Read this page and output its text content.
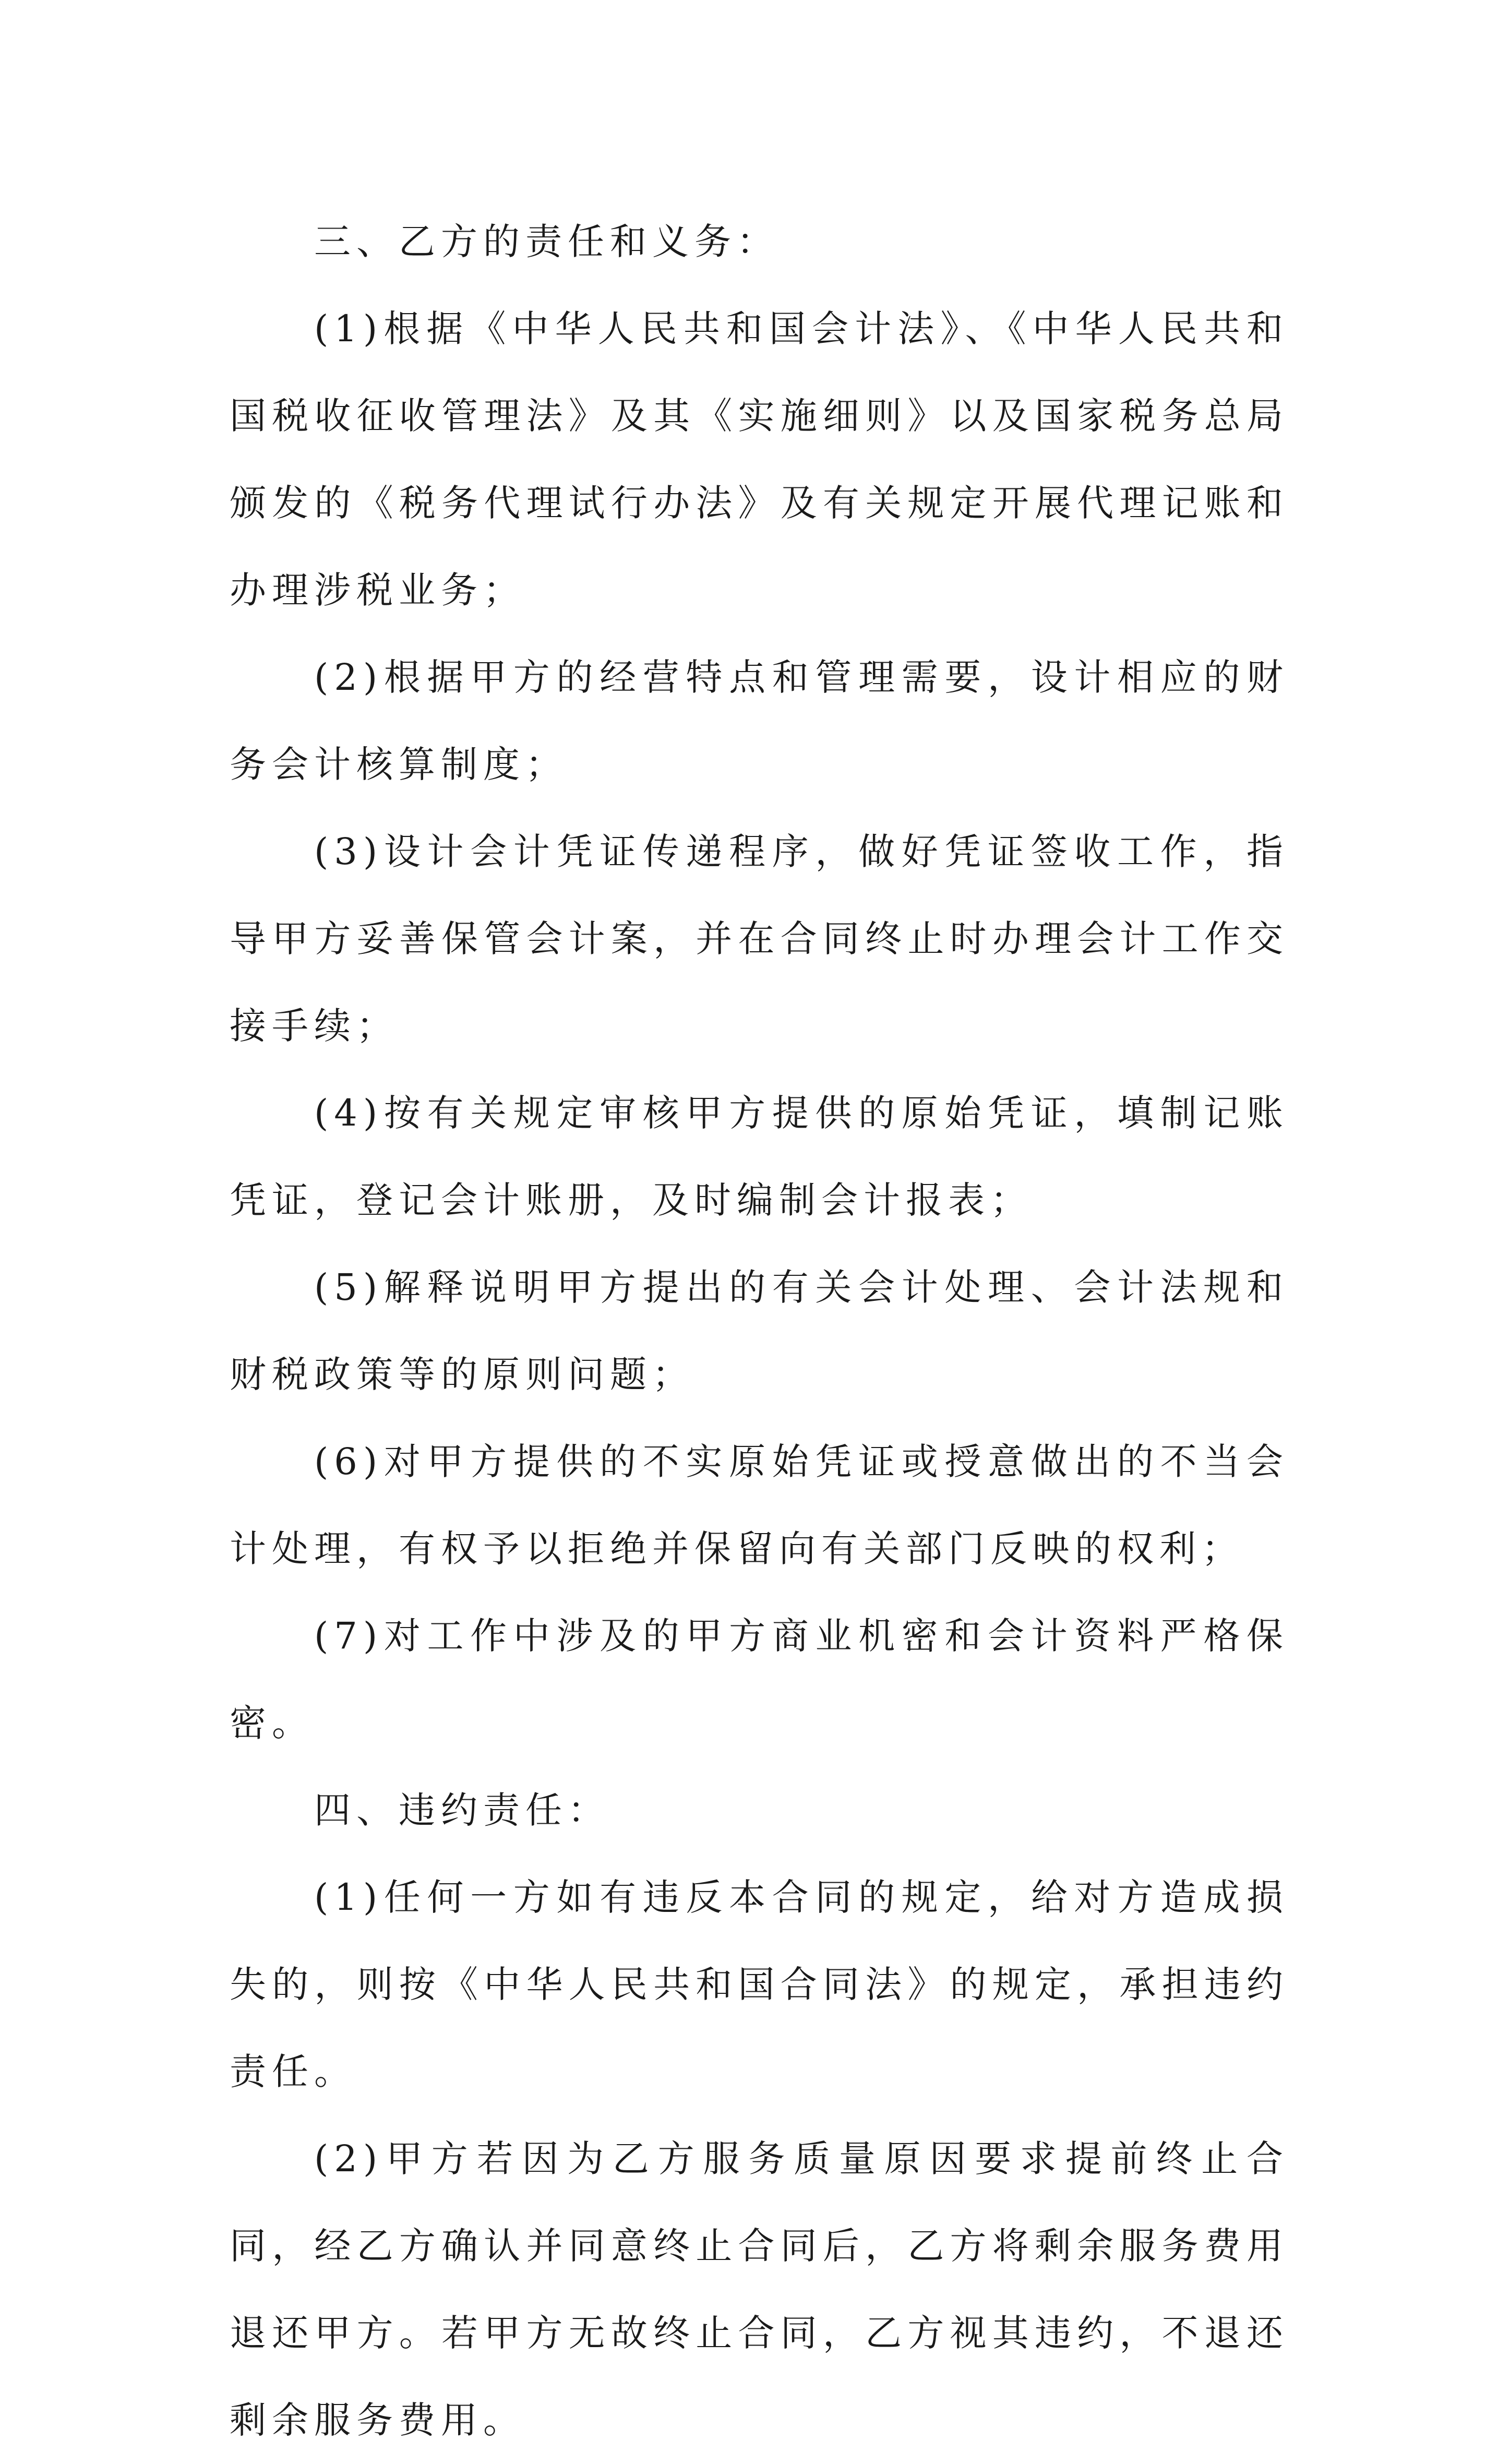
三、乙方的责任和义务：

(1)根据《中华人民共和国会计法》、《中华人民共和国税收征收管理法》及其《实施细则》以及国家税务总局颁发的《税务代理试行办法》及有关规定开展代理记账和办理涉税业务；

(2)根据甲方的经营特点和管理需要，设计相应的财务会计核算制度；

(3)设计会计凭证传递程序，做好凭证签收工作，指导甲方妥善保管会计案，并在合同终止时办理会计工作交接手续；

(4)按有关规定审核甲方提供的原始凭证，填制记账凭证，登记会计账册，及时编制会计报表；

(5)解释说明甲方提出的有关会计处理、会计法规和财税政策等的原则问题；

(6)对甲方提供的不实原始凭证或授意做出的不当会计处理，有权予以拒绝并保留向有关部门反映的权利；

(7)对工作中涉及的甲方商业机密和会计资料严格保密。

四、违约责任：

(1)任何一方如有违反本合同的规定，给对方造成损失的，则按《中华人民共和国合同法》的规定，承担违约责任。

(2)甲方若因为乙方服务质量原因要求提前终止合同，经乙方确认并同意终止合同后，乙方将剩余服务费用退还甲方。若甲方无故终止合同，乙方视其违约，不退还剩余服务费用。
